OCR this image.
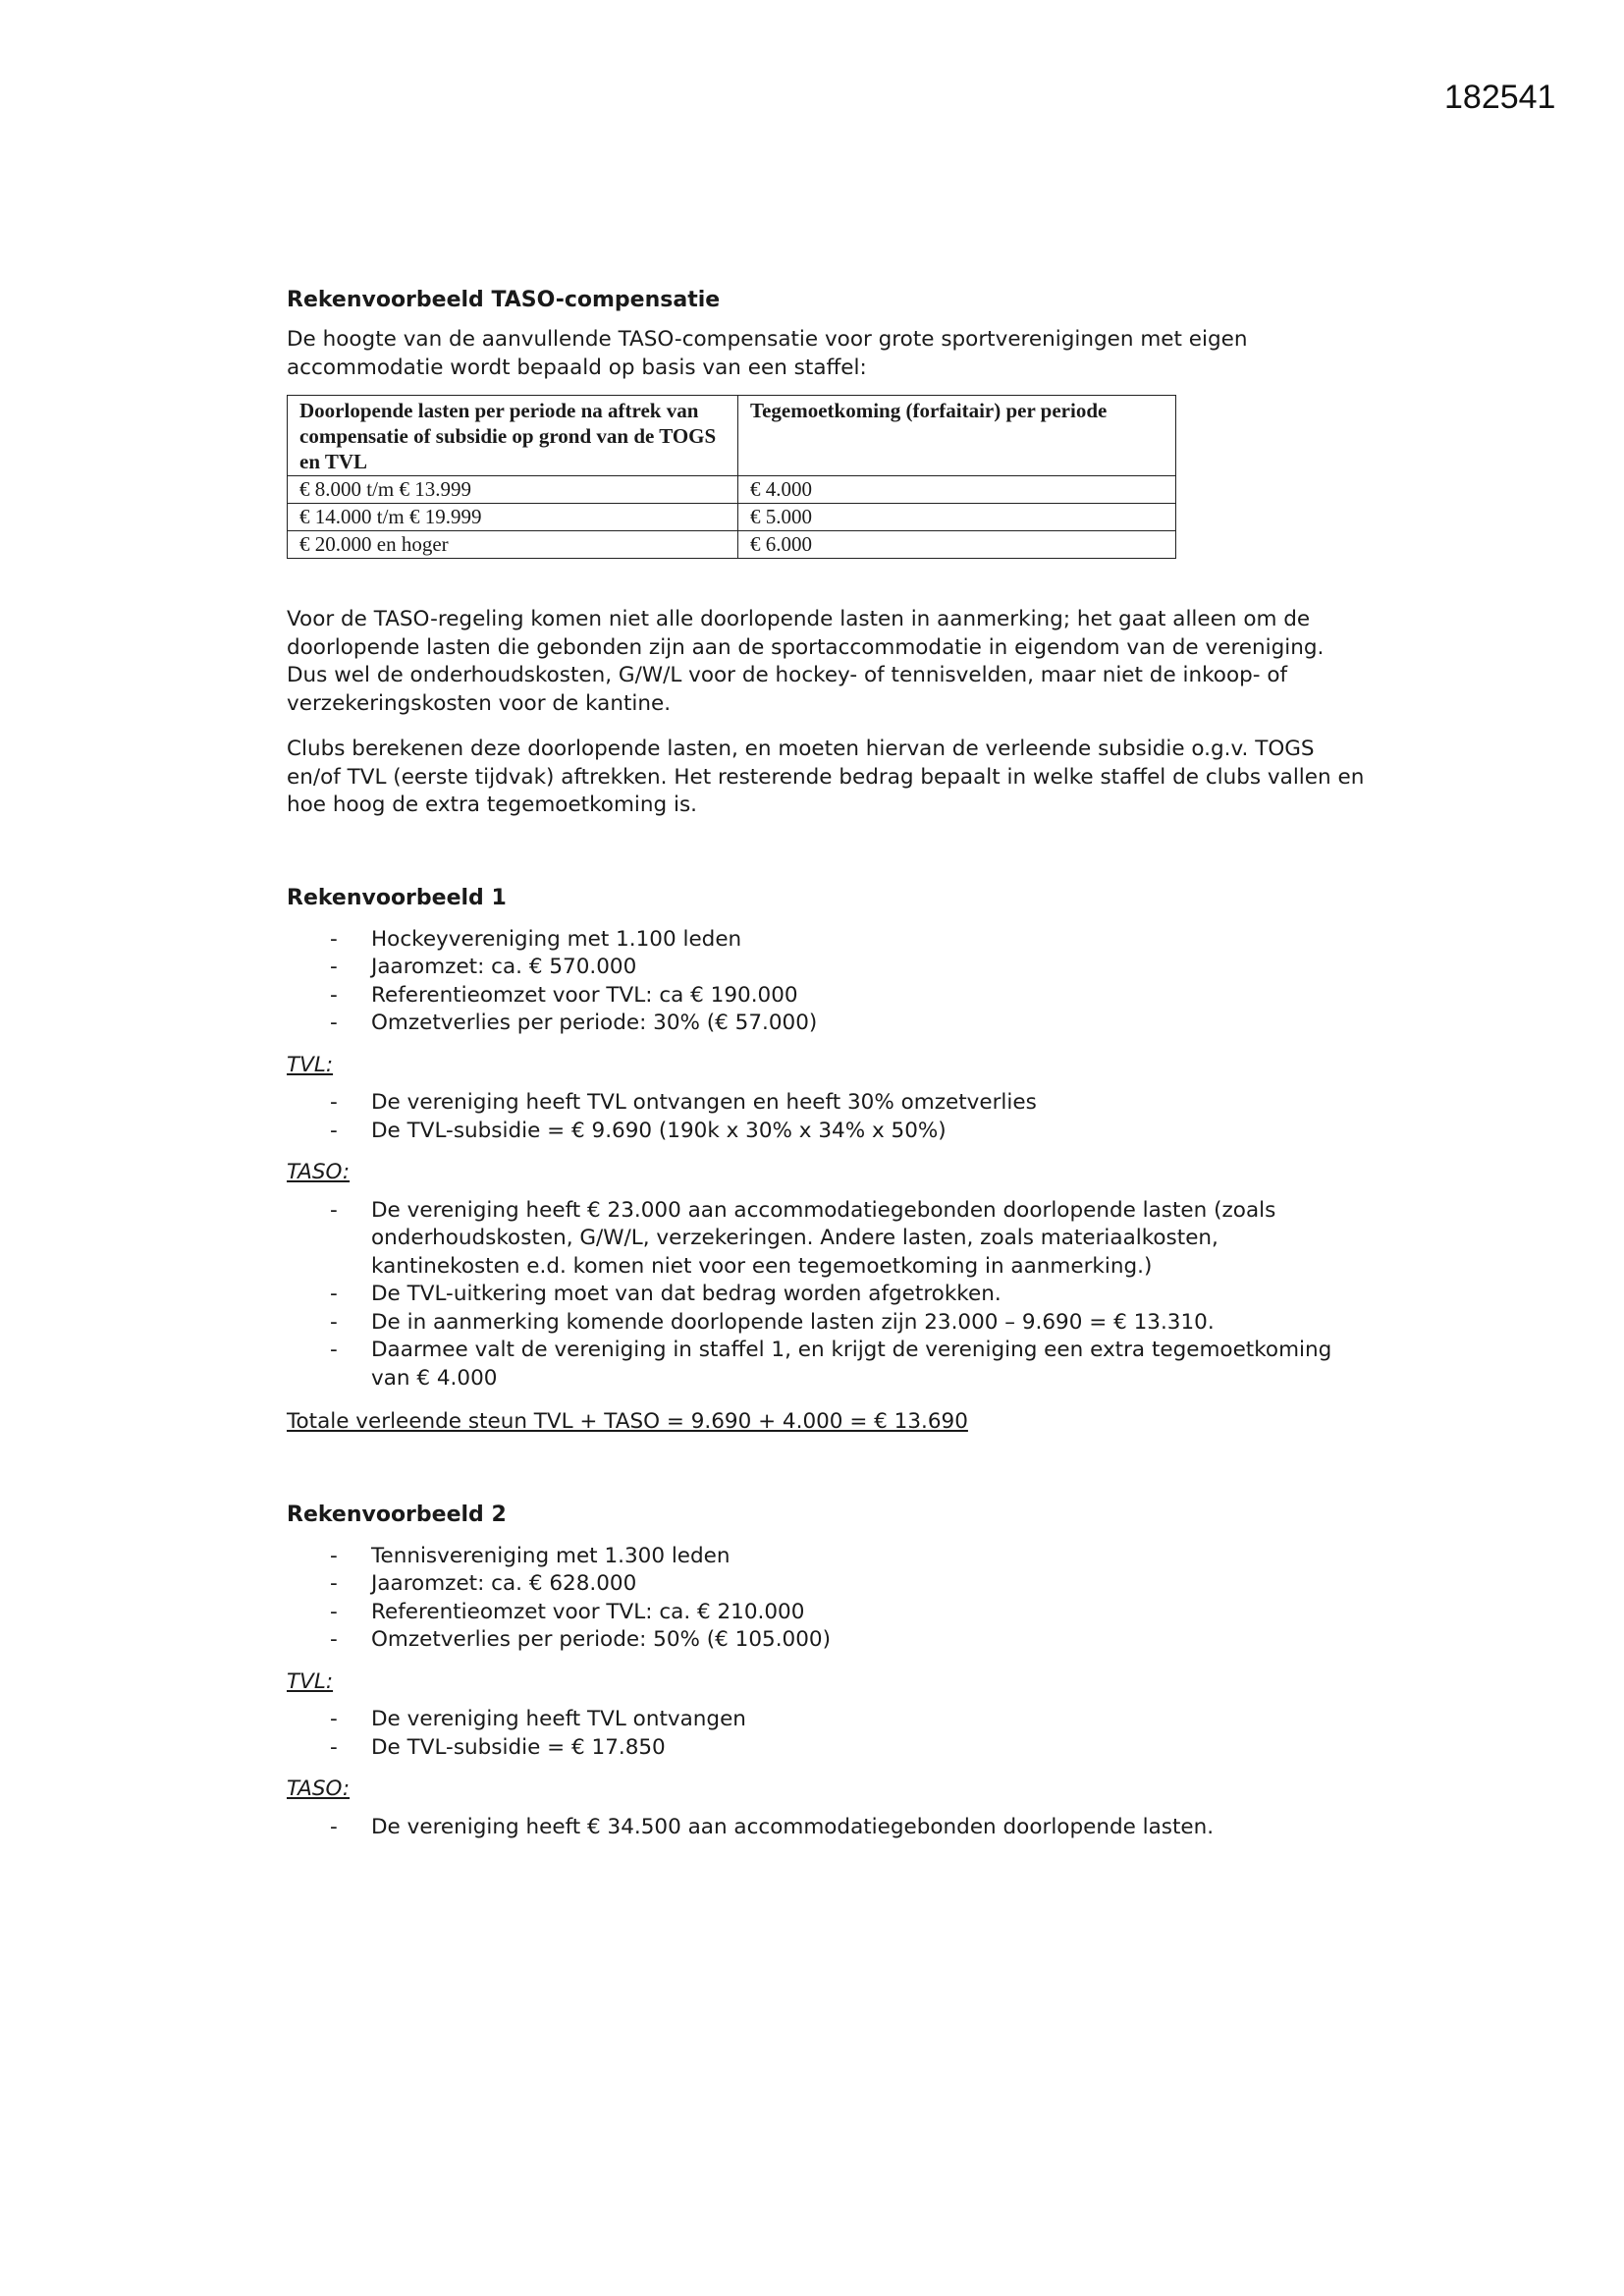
182541
Rekenvoorbeeld TASO-compensatie

De hoogte van de aanvullende TASO-compensatie voor grote sportverenigingen met eigen accommodatie wordt bepaald op basis van een staffel:

Doorlopende lasten per periode na aftrek van compensatie of subsidie op grond van de TOGS en TVL	Tegemoetkoming (forfaitair) per periode
€ 8.000 t/m € 13.999	€ 4.000
€ 14.000 t/m € 19.999	€ 5.000
€ 20.000 en hoger	€ 6.000

Voor de TASO-regeling komen niet alle doorlopende lasten in aanmerking; het gaat alleen om de doorlopende lasten die gebonden zijn aan de sportaccommodatie in eigendom van de vereniging. Dus wel de onderhoudskosten, G/W/L voor de hockey- of tennisvelden, maar niet de inkoop- of verzekeringskosten voor de kantine.

Clubs berekenen deze doorlopende lasten, en moeten hiervan de verleende subsidie o.g.v. TOGS en/of TVL (eerste tijdvak) aftrekken. Het resterende bedrag bepaalt in welke staffel de clubs vallen en hoe hoog de extra tegemoetkoming is.

Rekenvoorbeeld 1
- Hockeyvereniging met 1.100 leden
- Jaaromzet: ca. € 570.000
- Referentieomzet voor TVL: ca € 190.000
- Omzetverlies per periode: 30% (€ 57.000)
TVL:
- De vereniging heeft TVL ontvangen en heeft 30% omzetverlies
- De TVL-subsidie = € 9.690 (190k x 30% x 34% x 50%)
TASO:
- De vereniging heeft € 23.000 aan accommodatiegebonden doorlopende lasten (zoals onderhoudskosten, G/W/L, verzekeringen. Andere lasten, zoals materiaalkosten, kantinekosten e.d. komen niet voor een tegemoetkoming in aanmerking.)
- De TVL-uitkering moet van dat bedrag worden afgetrokken.
- De in aanmerking komende doorlopende lasten zijn 23.000 – 9.690 = € 13.310.
- Daarmee valt de vereniging in staffel 1, en krijgt de vereniging een extra tegemoetkoming van € 4.000
Totale verleende steun TVL + TASO = 9.690 + 4.000 = € 13.690
Rekenvoorbeeld 2
- Tennisvereniging met 1.300 leden
- Jaaromzet: ca. € 628.000
- Referentieomzet voor TVL: ca. € 210.000
- Omzetverlies per periode: 50% (€ 105.000)
TVL:
- De vereniging heeft TVL ontvangen
- De TVL-subsidie = € 17.850
TASO:
- De vereniging heeft € 34.500 aan accommodatiegebonden doorlopende lasten.
